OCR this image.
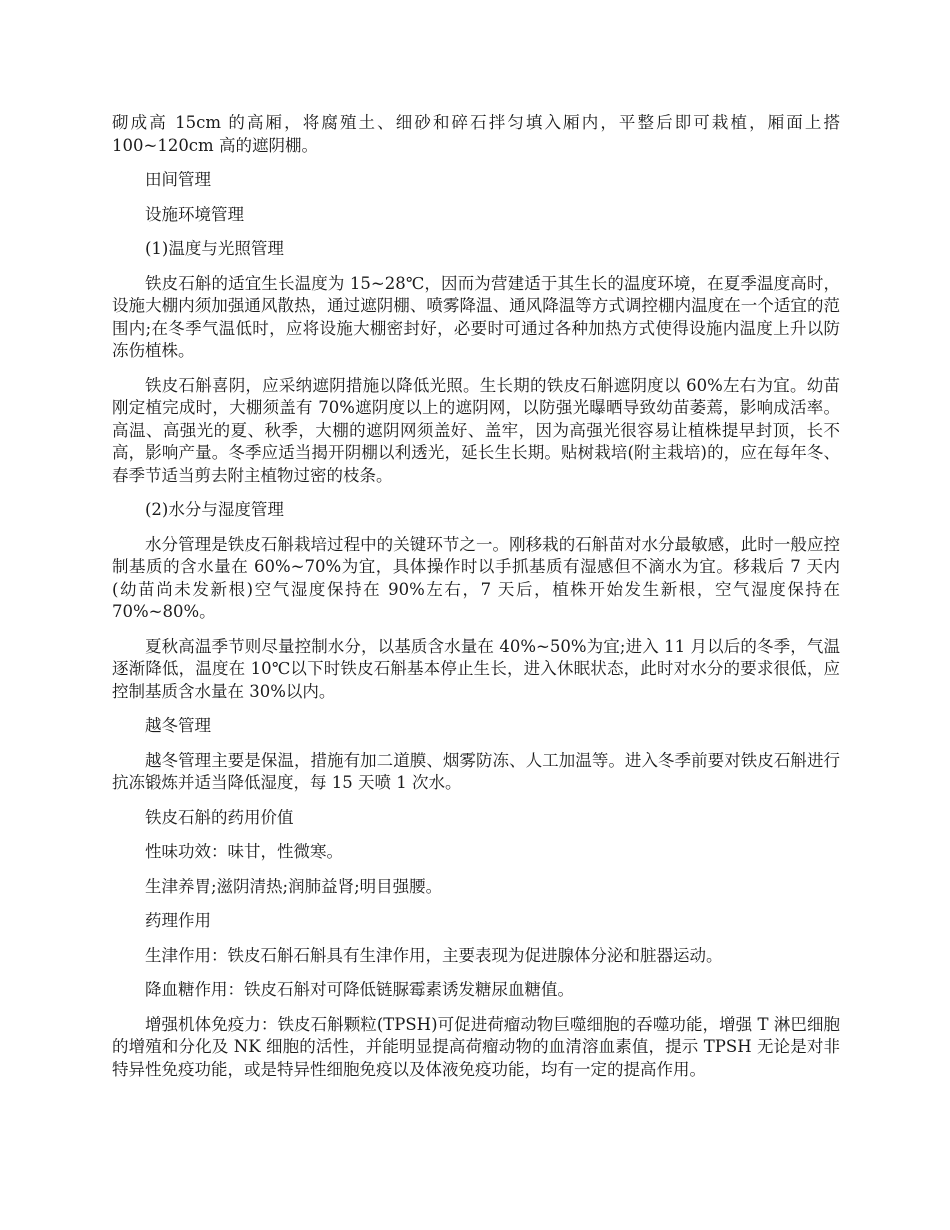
砌成高 15cm 的高厢，将腐殖土、细砂和碎石拌匀填入厢内，平整后即可栽植，厢面上搭 100~120cm 高的遮阴棚。

田间管理

设施环境管理

(1)温度与光照管理

铁皮石斛的适宜生长温度为 15~28℃，因而为营建适于其生长的温度环境，在夏季温度高时，设施大棚内须加强通风散热，通过遮阴棚、喷雾降温、通风降温等方式调控棚内温度在一个适宜的范围内;在冬季气温低时，应将设施大棚密封好，必要时可通过各种加热方式使得设施内温度上升以防冻伤植株。

铁皮石斛喜阴，应采纳遮阴措施以降低光照。生长期的铁皮石斛遮阴度以 60%左右为宜。幼苗刚定植完成时，大棚须盖有 70%遮阴度以上的遮阴网，以防强光曝晒导致幼苗萎蔫，影响成活率。高温、高强光的夏、秋季，大棚的遮阴网须盖好、盖牢，因为高强光很容易让植株提早封顶，长不高，影响产量。冬季应适当揭开阴棚以利透光，延长生长期。贴树栽培(附主栽培)的，应在每年冬、春季节适当剪去附主植物过密的枝条。

(2)水分与湿度管理

水分管理是铁皮石斛栽培过程中的关键环节之一。刚移栽的石斛苗对水分最敏感，此时一般应控制基质的含水量在 60%~70%为宜，具体操作时以手抓基质有湿感但不滴水为宜。移栽后 7 天内(幼苗尚未发新根)空气湿度保持在 90%左右，7 天后，植株开始发生新根，空气湿度保持在 70%~80%。

夏秋高温季节则尽量控制水分，以基质含水量在 40%~50%为宜;进入 11 月以后的冬季，气温逐渐降低，温度在 10℃以下时铁皮石斛基本停止生长，进入休眠状态，此时对水分的要求很低，应控制基质含水量在 30%以内。

越冬管理

越冬管理主要是保温，措施有加二道膜、烟雾防冻、人工加温等。进入冬季前要对铁皮石斛进行抗冻锻炼并适当降低湿度，每 15 天喷 1 次水。

铁皮石斛的药用价值

性味功效：味甘，性微寒。

生津养胃;滋阴清热;润肺益肾;明目强腰。

药理作用

生津作用：铁皮石斛石斛具有生津作用，主要表现为促进腺体分泌和脏器运动。

降血糖作用：铁皮石斛对可降低链脲霉素诱发糖尿血糖值。

增强机体免疫力：铁皮石斛颗粒(TPSH)可促进荷瘤动物巨噬细胞的吞噬功能，增强 T 淋巴细胞的增殖和分化及 NK 细胞的活性，并能明显提高荷瘤动物的血清溶血素值，提示 TPSH 无论是对非特异性免疫功能，或是特异性细胞免疫以及体液免疫功能，均有一定的提高作用。
